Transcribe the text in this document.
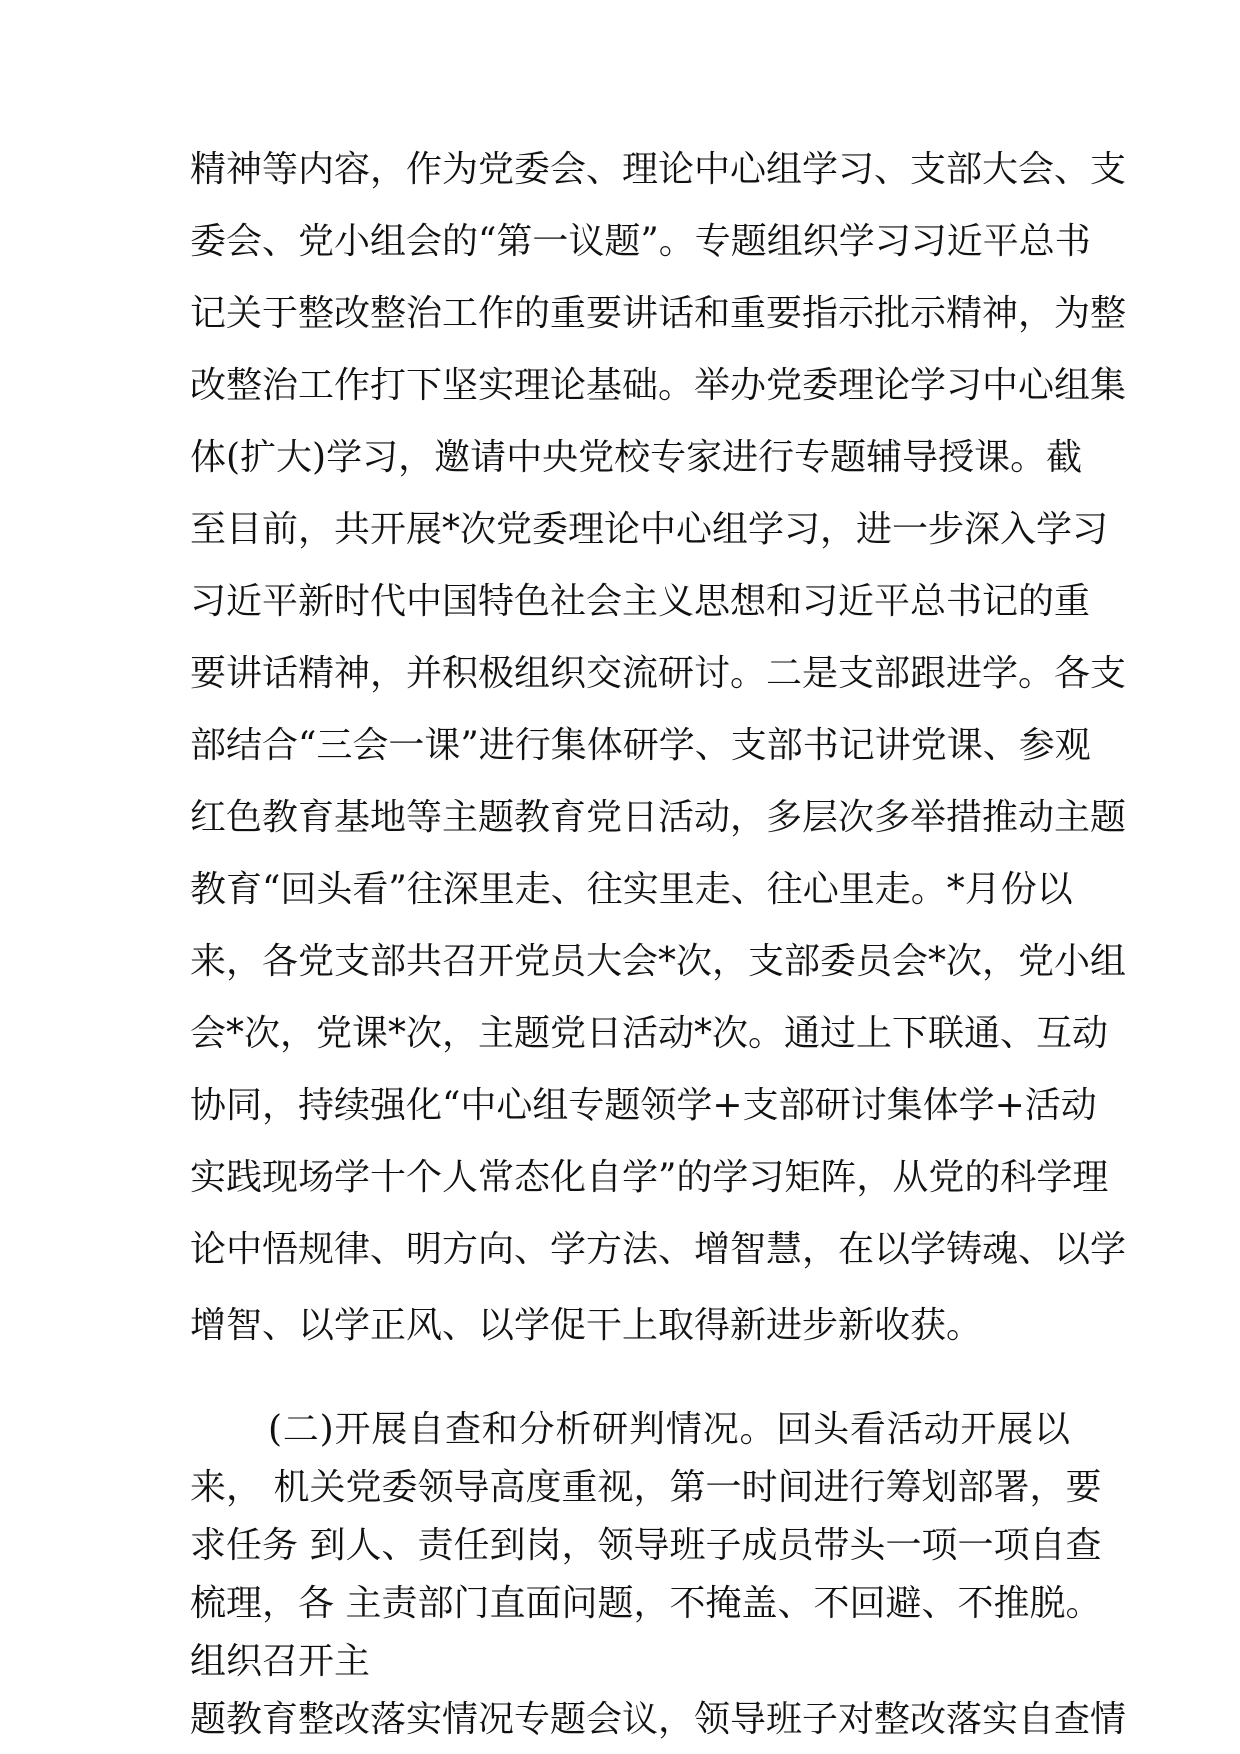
精神等内容，作为党委会、理论中心组学习、支部大会、支
委会、党小组会的“第一议题”。专题组织学习习近平总书
记关于整改整治工作的重要讲话和重要指示批示精神，为整
改整治工作打下坚实理论基础。举办党委理论学习中心组集
体(扩大)学习，邀请中央党校专家进行专题辅导授课。截
至目前，共开展*次党委理论中心组学习，进一步深入学习
习近平新时代中国特色社会主义思想和习近平总书记的重
要讲话精神，并积极组织交流研讨。二是支部跟进学。各支
部结合“三会一课”进行集体研学、支部书记讲党课、参观
红色教育基地等主题教育党日活动，多层次多举措推动主题
教育“回头看”往深里走、往实里走、往心里走。*月份以
来，各党支部共召开党员大会*次，支部委员会*次，党小组
会*次，党课*次，主题党日活动*次。通过上下联通、互动
协同，持续强化“中心组专题领学+支部研讨集体学+活动
实践现场学十个人常态化自学”的学习矩阵，从党的科学理
论中悟规律、明方向、学方法、增智慧，在以学铸魂、以学
增智、以学正风、以学促干上取得新进步新收获。
(二)开展自查和分析研判情况。回头看活动开展以
来， 机关党委领导高度重视，第一时间进行筹划部署，要
求任务 到人、责任到岗，领导班子成员带头一项一项自查
梳理，各 主责部门直面问题，不掩盖、不回避、不推脱。
组织召开主
题教育整改落实情况专题会议，领导班子对整改落实自查情
